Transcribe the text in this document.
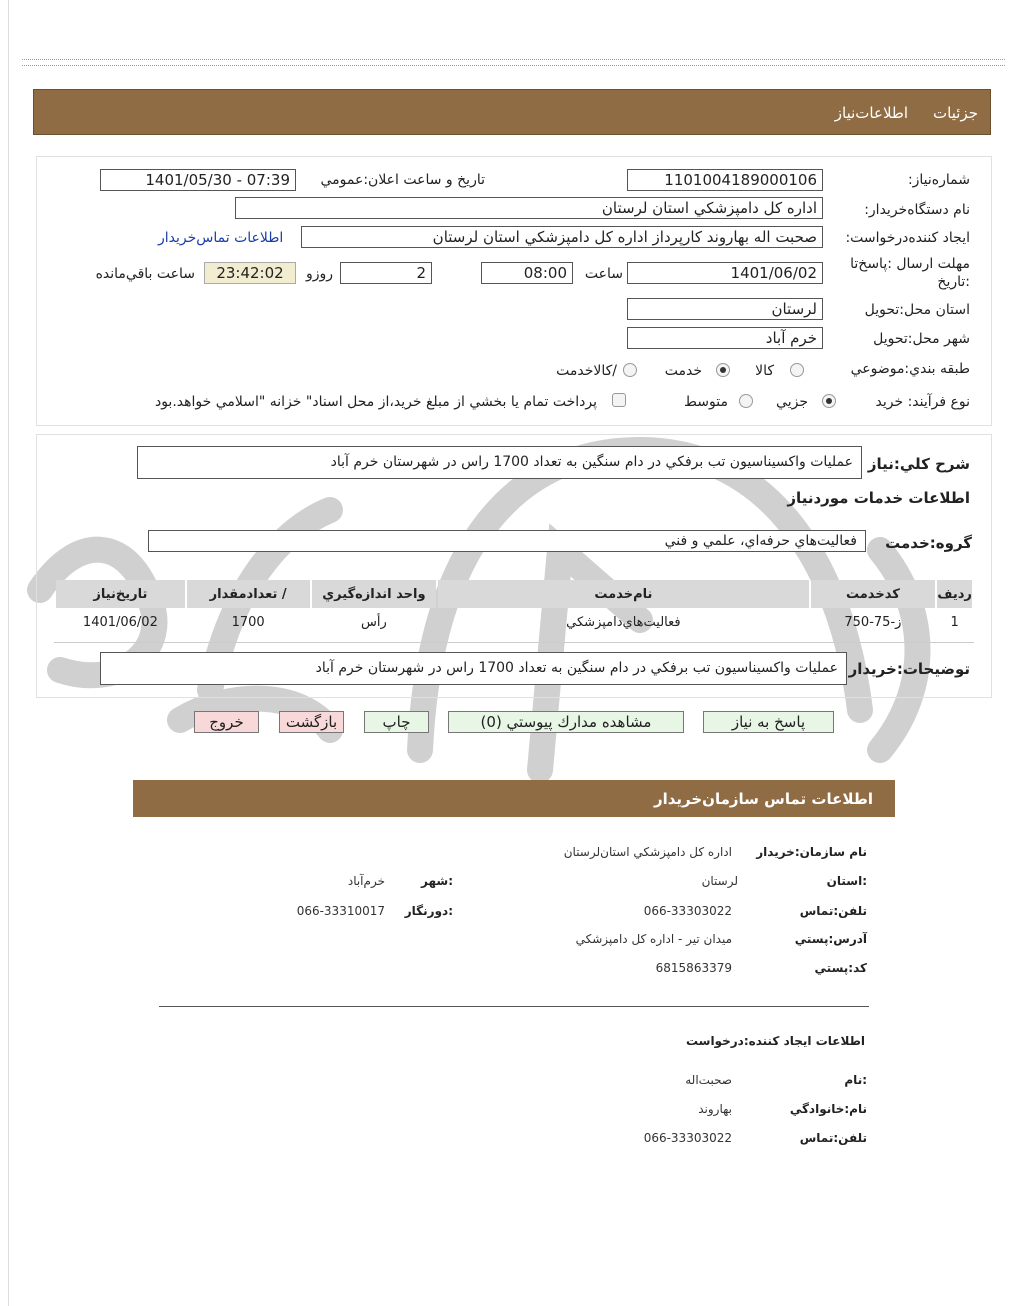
جزئيات
اطلاعات‌نياز
شماره‌نياز:
1101004189000106
تاريخ و ساعت اعلان:عمومي
1401/05/30 - 07:39
نام دستگاه‌خريدار:
اداره كل دامپزشكي استان لرستان
ايجاد كننده‌درخواست:
صحبت اله بهاروند كارپرداز اداره كل دامپزشكي استان لرستان
اطلاعات تماس‌خريدار
مهلت ارسال :پاسخ‌تا
:تاريخ
1401/06/02
ساعت
08:00
2
روزو
23:42:02
ساعت باقي‌مانده
استان محل:تحويل
لرستان
شهر محل:تحويل
خرم آباد
طبقه بندي:موضوعي
كالا
خدمت
/كالاخدمت
نوع فرآيند: خريد
جزيي
متوسط
پرداخت تمام يا بخشي از مبلغ خريد،از محل اسناد" خزانه "اسلامي خواهد.بود
شرح كلي:نياز
عمليات واكسيناسيون تب برفكي در دام سنگين به تعداد 1700 راس در شهرستان خرم آباد
اطلاعات خدمات موردنياز
گروه:خدمت
فعاليت‌هاي حرفه‌اي، علمي و فني
رديف	كدخدمت	نام‌خدمت	واحد اندازه‌گيري	/ تعدادمقدار	تاريخ‌نياز
1	ز-75-750	فعاليت‌هاي‌دامپزشكي	رأس	1700	1401/06/02
توضيحات:خريدار
عمليات واكسيناسيون تب برفكي در دام سنگين به تعداد 1700 راس در شهرستان خرم آباد
پاسخ به نياز
مشاهده مدارك پيوستي (0)
چاپ
بازگشت
خروج
اطلاعات تماس سازمان‌خريدار
نام سازمان:خريدار
اداره كل دامپزشكي استان‌لرستان
:استان
لرستان
:شهر
خرم‌آباد
تلفن:تماس
066-33303022
:دورنگار
066-33310017
آدرس:پستي
ميدان تير - اداره كل دامپزشكي
كد:پستي
6815863379
اطلاعات ايجاد كننده:درخواست
:نام
صحبت‌اله
نام:خانوادگي
بهاروند
تلفن:تماس
066-33303022
